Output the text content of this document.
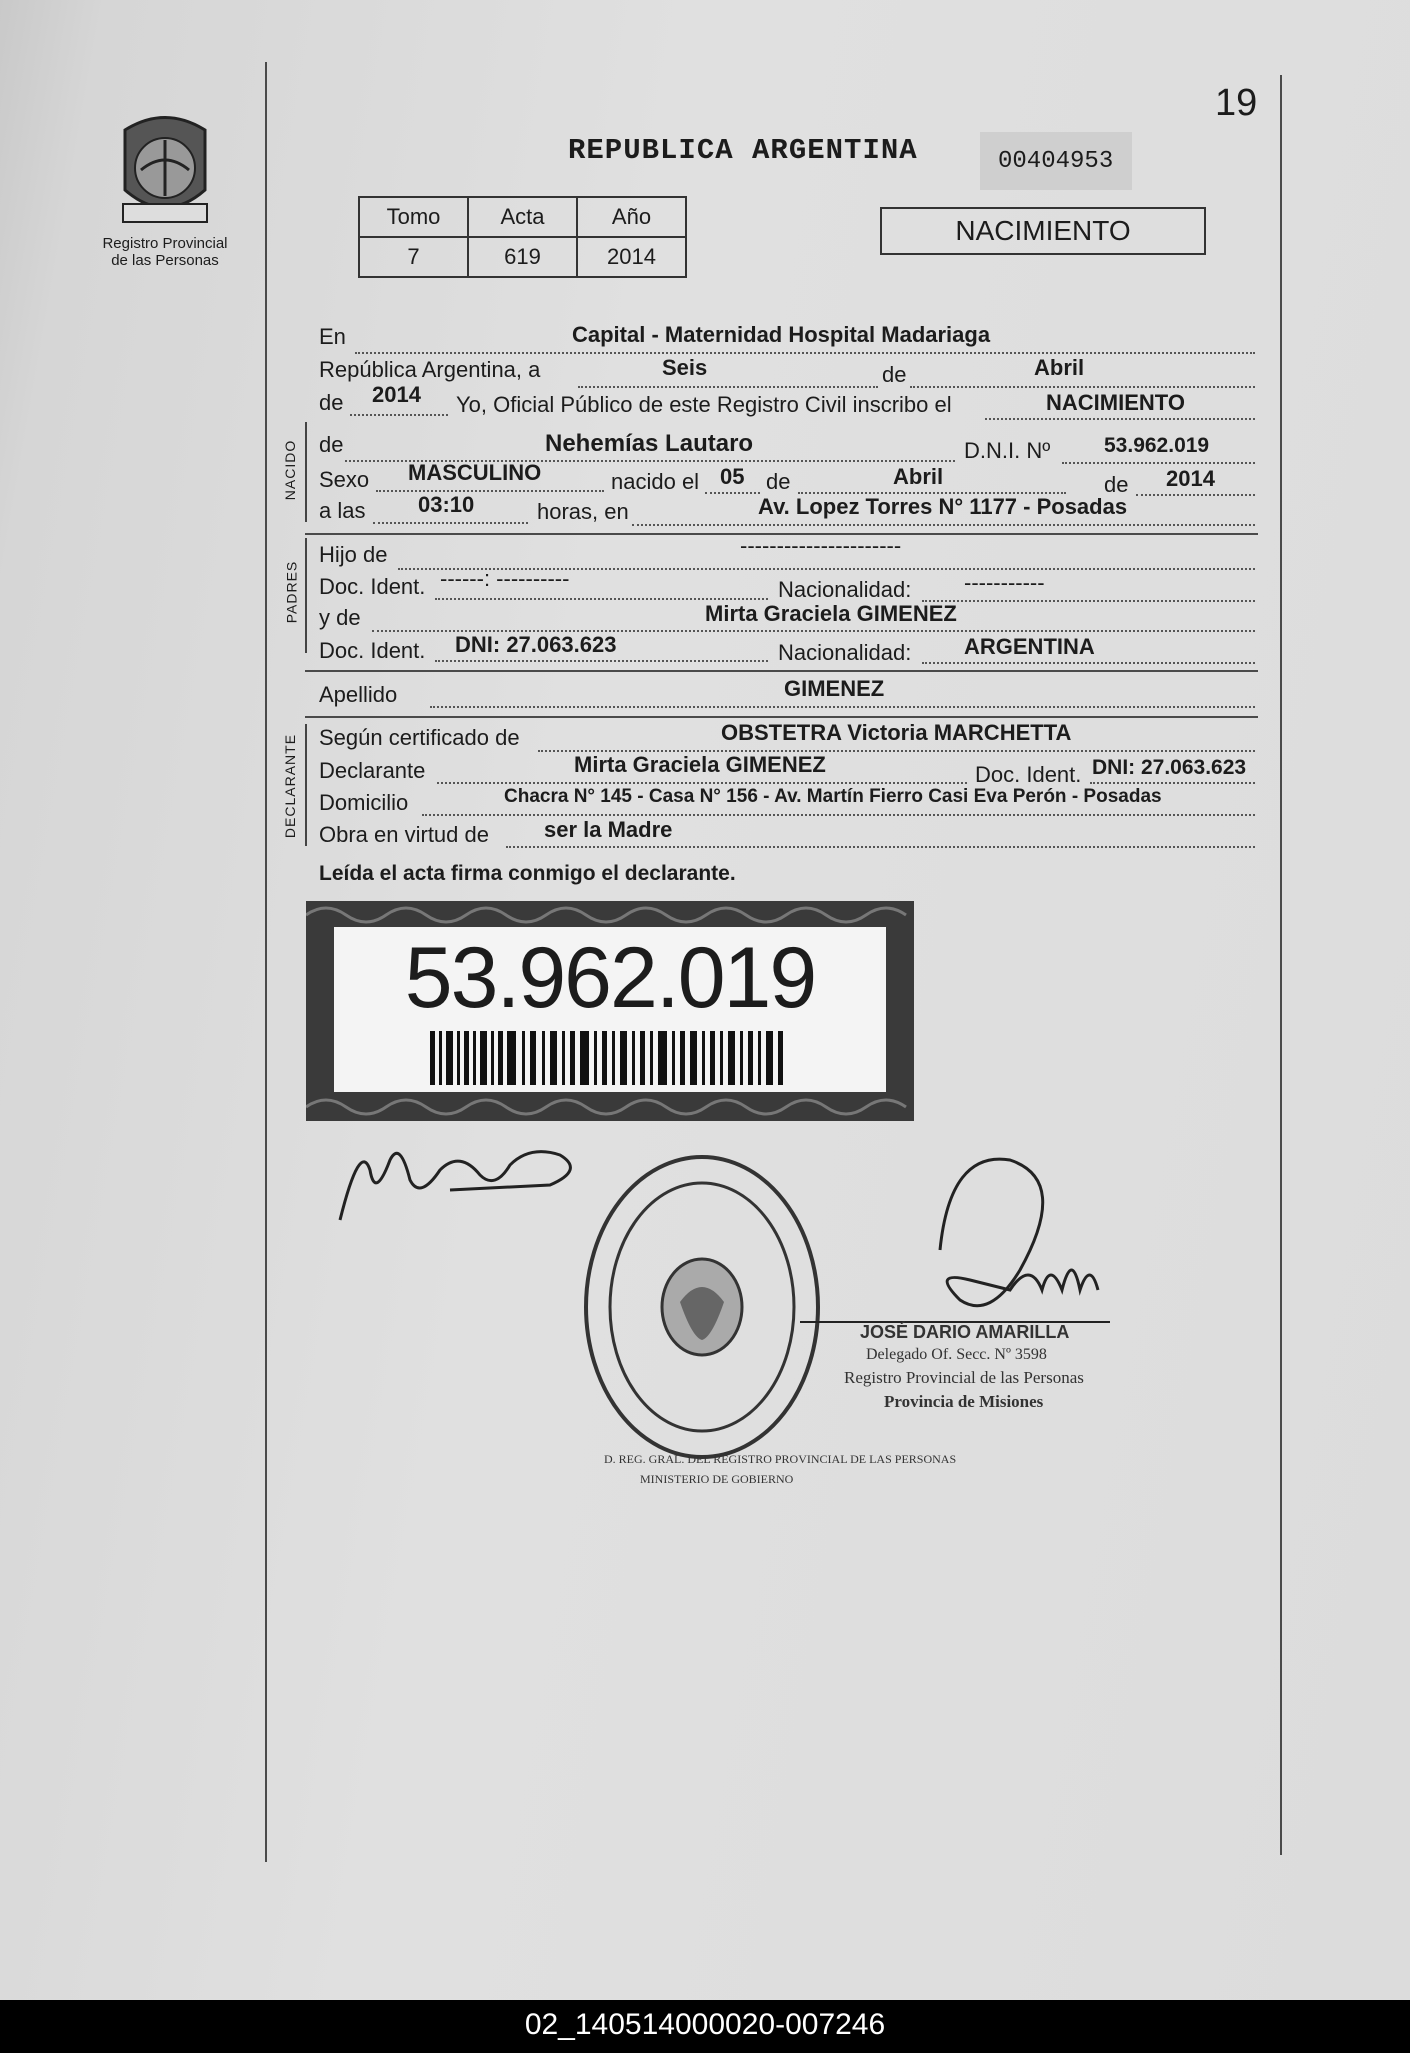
19
Registro Provincial
de las Personas
REPUBLICA ARGENTINA	00404953
Tomo	Acta	Año
7	619	2014
NACIMIENTO
En	Capital - Maternidad Hospital Madariaga
República Argentina, a	Seis	de	Abril
de 2014 Yo, Oficial Público de este Registro Civil inscribo el	NACIMIENTO
NACIDO de	Nehemías Lautaro	D.N.I. Nº	53.962.019
Sexo MASCULINO	nacido el 05 de	Abril	de 2014
a las 03:10	horas, en	Av. Lopez Torres N° 1177 - Posadas
PADRES
Hijo de	----------------------
Doc. Ident. ------: ----------	Nacionalidad: -----------
y de	Mirta Graciela GIMENEZ
Doc. Ident. DNI: 27.063.623	Nacionalidad: ARGENTINA
Apellido	GIMENEZ
DECLARANTE Según certificado de	OBSTETRA Victoria MARCHETTA
Declarante	Mirta Graciela GIMENEZ	Doc. Ident. DNI: 27.063.623
Domicilio	Chacra N° 145 - Casa N° 156 - Av. Martín Fierro Casi Eva Perón - Posadas
Obra en virtud de	ser la Madre
Leída el acta firma conmigo el declarante.
53.962.019
D. REG. GRAL. DEL REGISTRO PROVINCIAL DE LAS PERSONAS
MINISTERIO DE GOBIERNO
JOSÉ DARIO AMARILLA
Delegado Of. Secc. Nº 3598
Registro Provincial de las Personas
Provincia de Misiones
02_140514000020-007246
